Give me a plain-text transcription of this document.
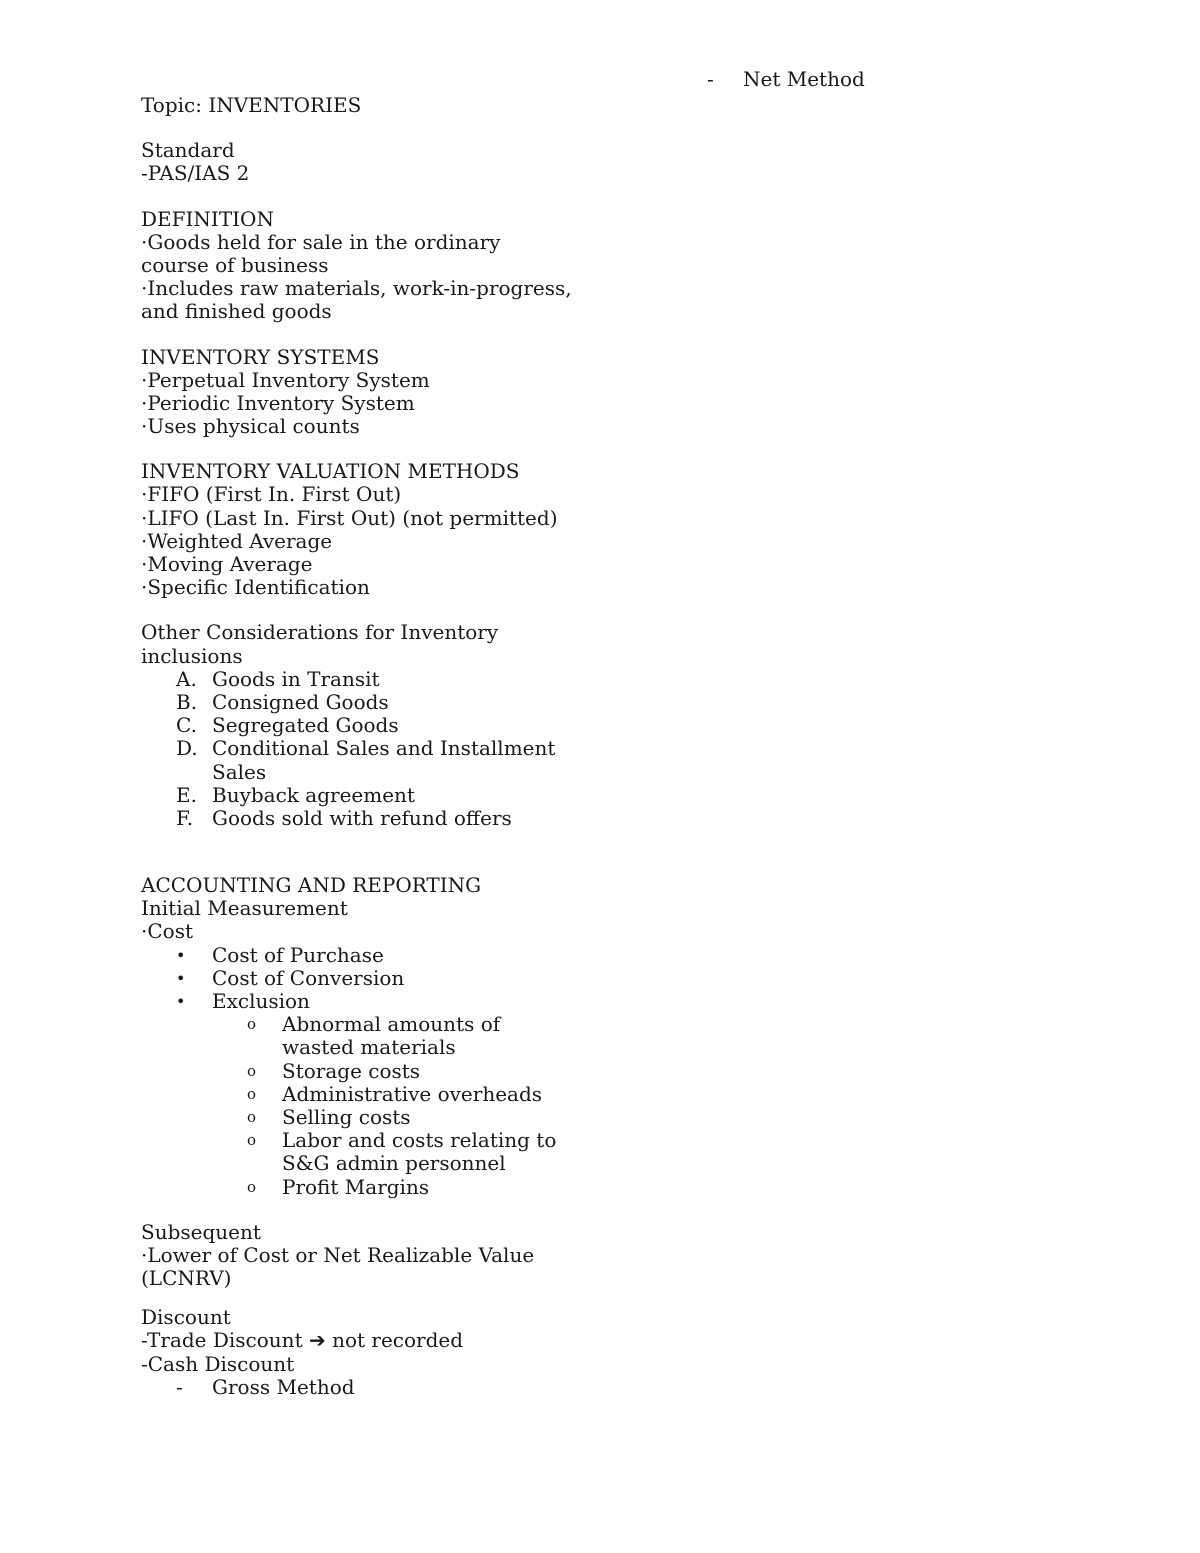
- Net Method
Topic: INVENTORIES
Standard
-PAS/IAS 2
DEFINITION
·Goods held for sale in the ordinary
course of business
·Includes raw materials, work-in-progress,
and finished goods
INVENTORY SYSTEMS
·Perpetual Inventory System
·Periodic Inventory System
·Uses physical counts
INVENTORY VALUATION METHODS
·FIFO (First In. First Out)
·LIFO (Last In. First Out) (not permitted)
·Weighted Average
·Moving Average
·Specific Identification
Other Considerations for Inventory
inclusions
A. Goods in Transit
B. Consigned Goods
C. Segregated Goods
D. Conditional Sales and Installment
Sales
E. Buyback agreement
F. Goods sold with refund offers
ACCOUNTING AND REPORTING
Initial Measurement
·Cost
• Cost of Purchase
• Cost of Conversion
• Exclusion
o Abnormal amounts of
wasted materials
o Storage costs
o Administrative overheads
o Selling costs
o Labor and costs relating to
S&G admin personnel
o Profit Margins
Subsequent
·Lower of Cost or Net Realizable Value
(LCNRV)
Discount
-Trade Discount ➔ not recorded
-Cash Discount
- Gross Method
